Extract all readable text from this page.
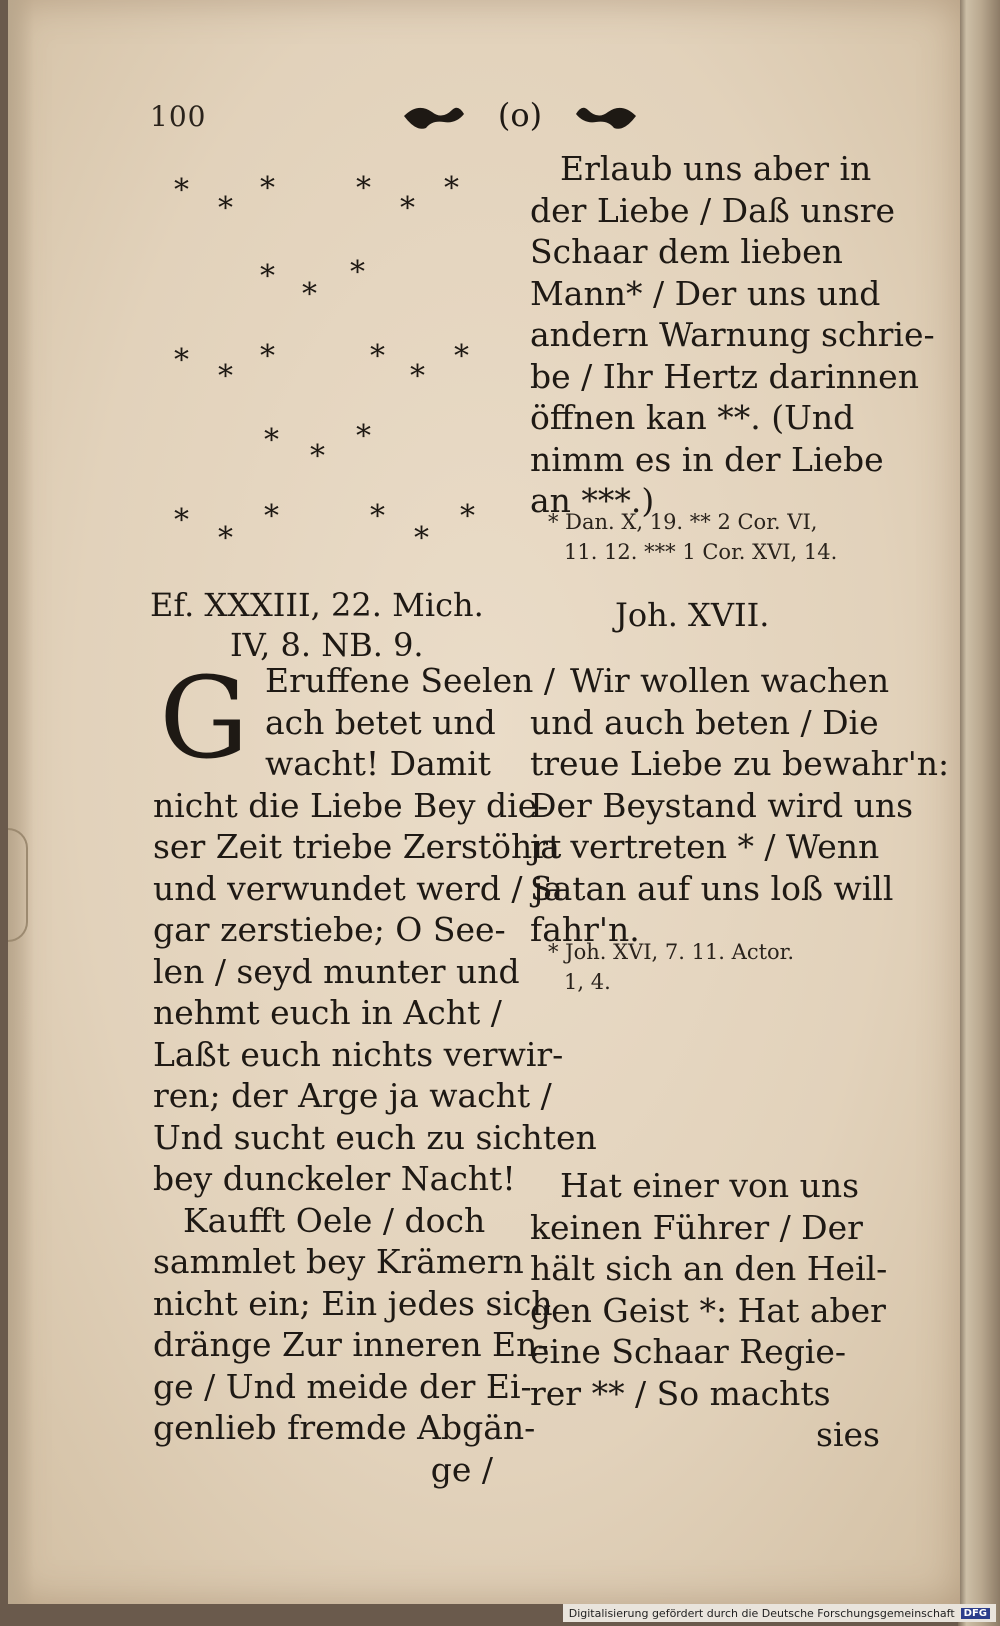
100	(o)
*
*
*	*
*
*
*
*
*
* *
*	*
*
*
* *
*
*
*
*	*
*
*
Ef. XXXIII, 22. Mich.
IV, 8. NB. 9.
G Eruffene Seelen /
ach betet und
wacht! Damit
nicht die Liebe Bey die-
ser Zeit triebe Zerstöhrt
und verwundet werd / ja
gar zerstiebe; O See-
len / seyd munter und
nehmt euch in Acht /
Laßt euch nichts verwir-
ren; der Arge ja wacht /
Und sucht euch zu sichten
bey dunckeler Nacht!
Kaufft Oele / doch
sammlet bey Krämern
nicht ein; Ein jedes sich
dränge Zur inneren En-
ge / Und meide der Ei-
genlieb fremde Abgän-
ge /
Erlaub uns aber in
der Liebe / Daß unsre
Schaar dem lieben
Mann* / Der uns und
andern Warnung schrie-
be / Ihr Hertz darinnen
öffnen kan **. (Und
nimm es in der Liebe
an ***.)
* Dan. X, 19. ** 2 Cor. VI,
11. 12. *** 1 Cor. XVI, 14.
Joh. XVII.
Wir wollen wachen
und auch beten / Die
treue Liebe zu bewahr'n:
Der Beystand wird uns
ja vertreten * / Wenn
Satan auf uns loß will
fahr'n.
* Joh. XVI, 7. 11. Actor.
1, 4.
Hat einer von uns
keinen Führer / Der
hält sich an den Heil-
gen Geist *: Hat aber
eine Schaar Regie-
rer ** / So machts
sies
Digitalisierung gefördert durch die Deutsche Forschungsgemeinschaft DFG
